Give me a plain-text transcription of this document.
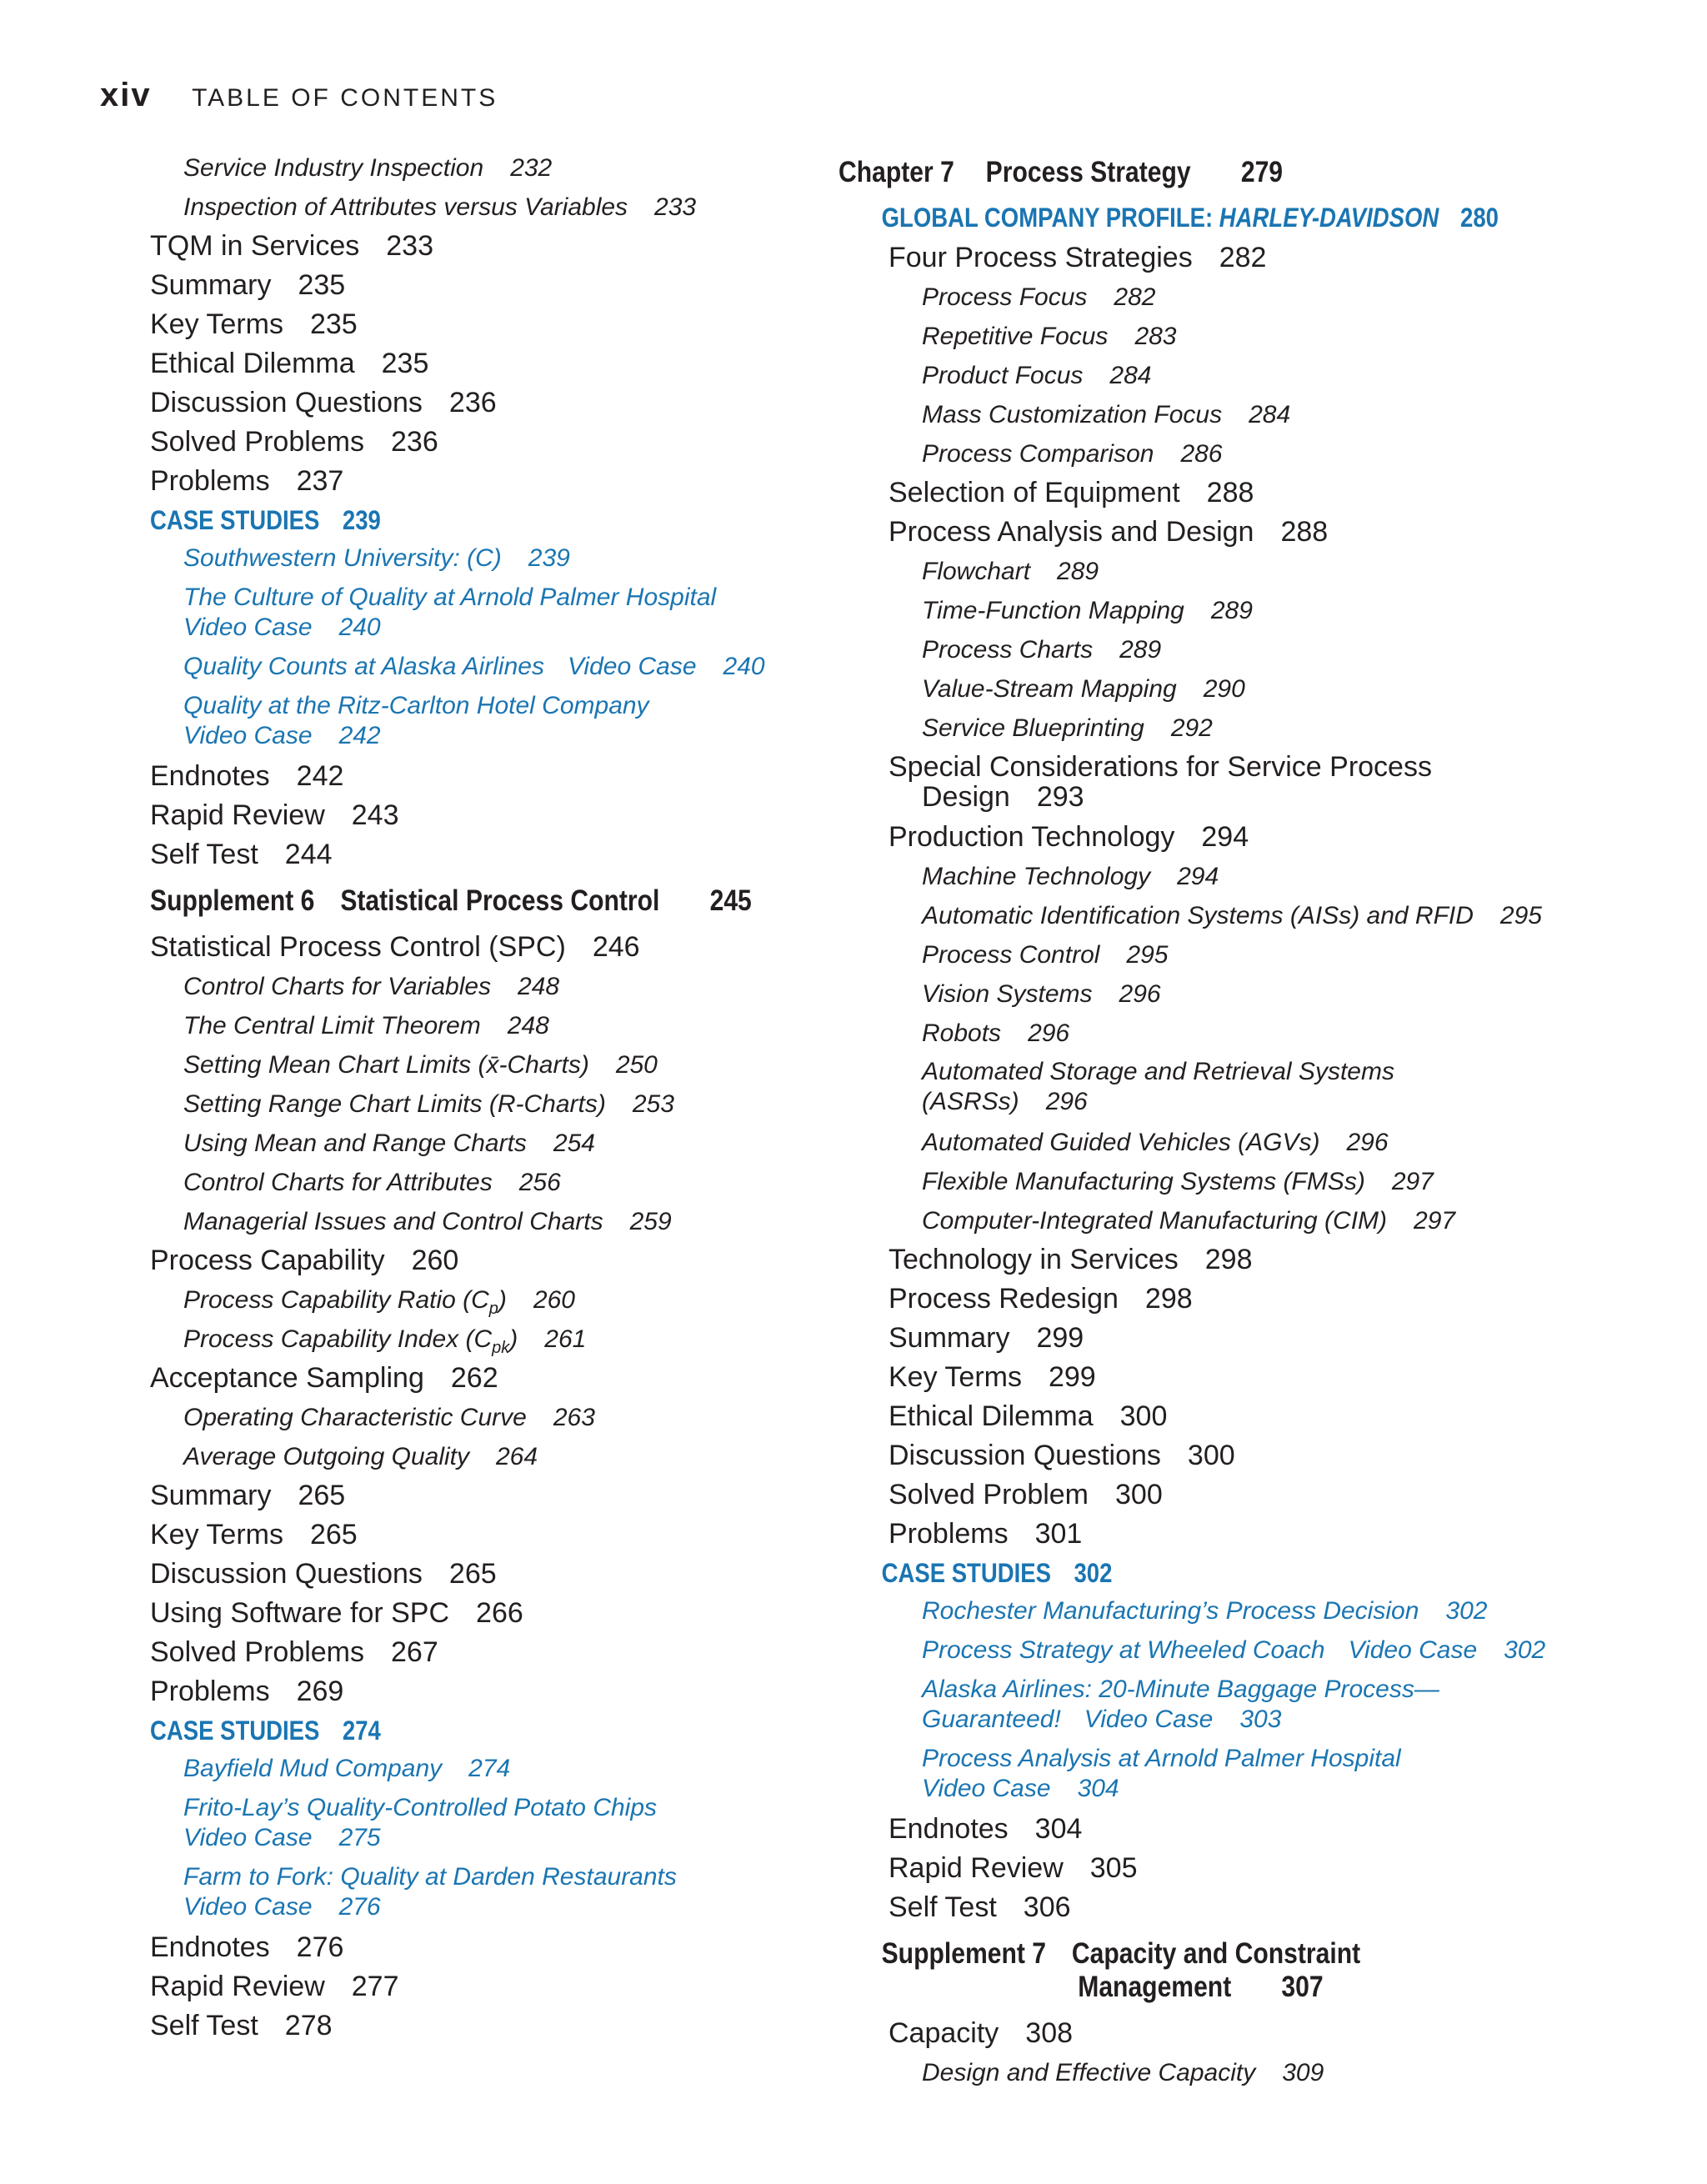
xiv TABLE OF CONTENTS
Service Industry Inspection 232
Inspection of Attributes versus Variables 233
TQM in Services 233
Summary 235
Key Terms 235
Ethical Dilemma 235
Discussion Questions 236
Solved Problems 236
Problems 237
CASE STUDIES 239
Southwestern University: (C) 239
The Culture of Quality at Arnold Palmer Hospital
Video Case 240
Quality Counts at Alaska Airlines Video Case 240
Quality at the Ritz-Carlton Hotel Company
Video Case 242
Endnotes 242
Rapid Review 243
Self Test 244
Supplement 6 Statistical Process Control 245
Statistical Process Control (SPC) 246
Control Charts for Variables 248
The Central Limit Theorem 248
Setting Mean Chart Limits (x̄-Charts) 250
Setting Range Chart Limits (R-Charts) 253
Using Mean and Range Charts 254
Control Charts for Attributes 256
Managerial Issues and Control Charts 259
Process Capability 260
Process Capability Ratio $(C_p)$ 260
Process Capability Index $(C_{pk})$ 261
Acceptance Sampling 262
Operating Characteristic Curve 263
Average Outgoing Quality 264
Summary 265
Key Terms 265
Discussion Questions 265
Using Software for SPC 266
Solved Problems 267
Problems 269
CASE STUDIES 274
Bayfield Mud Company 274
Frito-Lay’s Quality-Controlled Potato Chips
Video Case 275
Farm to Fork: Quality at Darden Restaurants
Video Case 276
Endnotes 276
Rapid Review 277
Self Test 278
Chapter 7 Process Strategy 279
GLOBAL COMPANY PROFILE: HARLEY-DAVIDSON 280
Four Process Strategies 282
Process Focus 282
Repetitive Focus 283
Product Focus 284
Mass Customization Focus 284
Process Comparison 286
Selection of Equipment 288
Process Analysis and Design 288
Flowchart 289
Time-Function Mapping 289
Process Charts 289
Value-Stream Mapping 290
Service Blueprinting 292
Special Considerations for Service Process
Design 293
Production Technology 294
Machine Technology 294
Automatic Identification Systems (AISs) and RFID 295
Process Control 295
Vision Systems 296
Robots 296
Automated Storage and Retrieval Systems
(ASRSs) 296
Automated Guided Vehicles (AGVs) 296
Flexible Manufacturing Systems (FMSs) 297
Computer-Integrated Manufacturing (CIM) 297
Technology in Services 298
Process Redesign 298
Summary 299
Key Terms 299
Ethical Dilemma 300
Discussion Questions 300
Solved Problem 300
Problems 301
CASE STUDIES 302
Rochester Manufacturing’s Process Decision 302
Process Strategy at Wheeled Coach Video Case 302
Alaska Airlines: 20-Minute Baggage Process—
Guaranteed! Video Case 303
Process Analysis at Arnold Palmer Hospital
Video Case 304
Endnotes 304
Rapid Review 305
Self Test 306
Supplement 7 Capacity and Constraint
Management 307
Capacity 308
Design and Effective Capacity 309
